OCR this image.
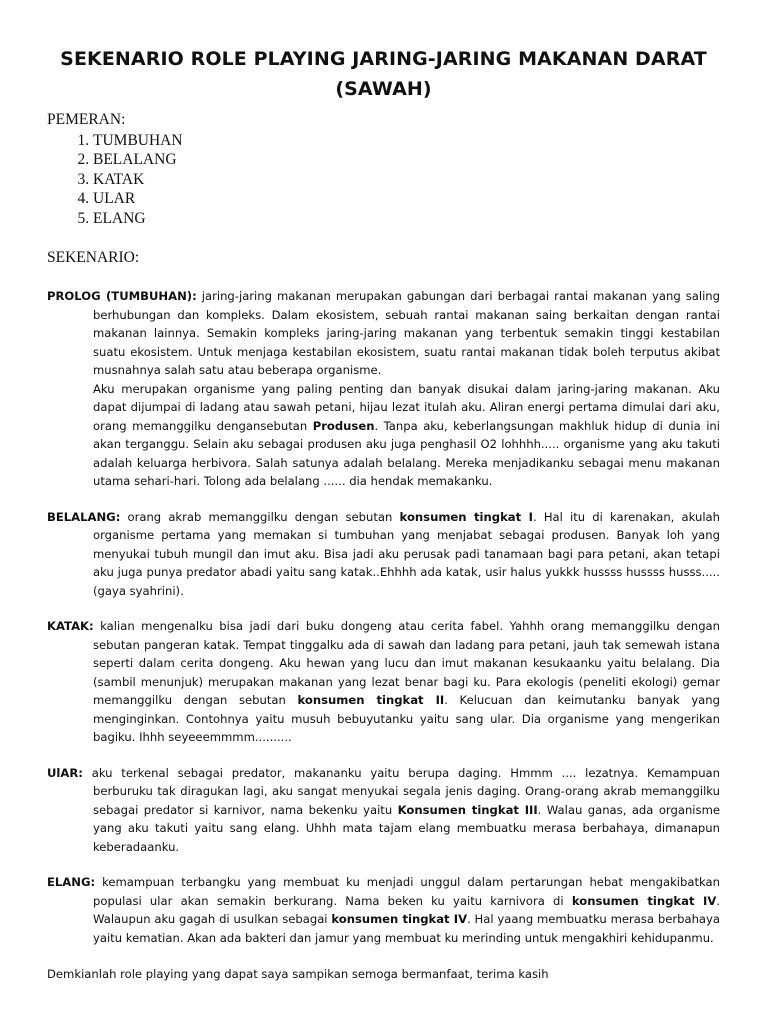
SEKENARIO ROLE PLAYING JARING-JARING MAKANAN DARAT
(SAWAH)

PEMERAN:

1. TUMBUHAN
2. BELALANG
3. KATAK
4. ULAR
5. ELANG

SEKENARIO:

PROLOG (TUMBUHAN): jaring-jaring makanan merupakan gabungan dari berbagai rantai makanan yang saling berhubungan dan kompleks. Dalam ekosistem, sebuah rantai makanan saing berkaitan dengan rantai makanan lainnya. Semakin kompleks jaring-jaring makanan yang terbentuk semakin tinggi kestabilan suatu ekosistem. Untuk menjaga kestabilan ekosistem, suatu rantai makanan tidak boleh terputus akibat musnahnya salah satu atau beberapa organisme.
Aku merupakan organisme yang paling penting dan banyak disukai dalam jaring-jaring makanan. Aku dapat dijumpai di ladang atau sawah petani, hijau lezat itulah aku. Aliran energi pertama dimulai dari aku, orang memanggilku dengansebutan Produsen. Tanpa aku, keberlangsungan makhluk hidup di dunia ini akan terganggu. Selain aku sebagai produsen aku juga penghasil O2 lohhhh..... organisme yang aku takuti adalah keluarga herbivora. Salah satunya adalah belalang. Mereka menjadikanku sebagai menu makanan utama sehari-hari. Tolong ada belalang ...... dia hendak memakanku.

BELALANG: orang akrab memanggilku dengan sebutan konsumen tingkat I. Hal itu di karenakan, akulah organisme pertama yang memakan si tumbuhan yang menjabat sebagai produsen. Banyak loh yang menyukai tubuh mungil dan imut aku. Bisa jadi aku perusak padi tanamaan bagi para petani, akan tetapi aku juga punya predator abadi yaitu sang katak..Ehhhh ada katak, usir halus yukkk hussss hussss husss..... (gaya syahrini).

KATAK: kalian mengenalku bisa jadi dari buku dongeng atau cerita fabel. Yahhh orang memanggilku dengan sebutan pangeran katak. Tempat tinggalku ada di sawah dan ladang para petani, jauh tak semewah istana seperti dalam cerita dongeng. Aku hewan yang lucu dan imut makanan kesukaanku yaitu belalang. Dia (sambil menunjuk) merupakan makanan yang lezat benar bagi ku. Para ekologis (peneliti ekologi) gemar memanggilku dengan sebutan konsumen tingkat II. Kelucuan dan keimutanku banyak yang menginginkan. Contohnya yaitu musuh bebuyutanku yaitu sang ular. Dia organisme yang mengerikan bagiku. Ihhh seyeeemmmm..........

UlAR: aku terkenal sebagai predator, makananku yaitu berupa daging. Hmmm .... lezatnya. Kemampuan berburuku tak diragukan lagi, aku sangat menyukai segala jenis daging. Orang-orang akrab memanggilku sebagai predator si karnivor, nama bekenku yaitu Konsumen tingkat III. Walau ganas, ada organisme yang aku takuti yaitu sang elang. Uhhh mata tajam elang membuatku merasa berbahaya, dimanapun keberadaanku.

ELANG: kemampuan terbangku yang membuat ku menjadi unggul dalam pertarungan hebat mengakibatkan populasi ular akan semakin berkurang. Nama beken ku yaitu karnivora di konsumen tingkat IV. Walaupun aku gagah di usulkan sebagai konsumen tingkat IV. Hal yaang membuatku merasa berbahaya yaitu kematian. Akan ada bakteri dan jamur yang membuat ku merinding untuk mengakhiri kehidupanmu.

Demkianlah role playing yang dapat saya sampikan semoga bermanfaat, terima kasih
